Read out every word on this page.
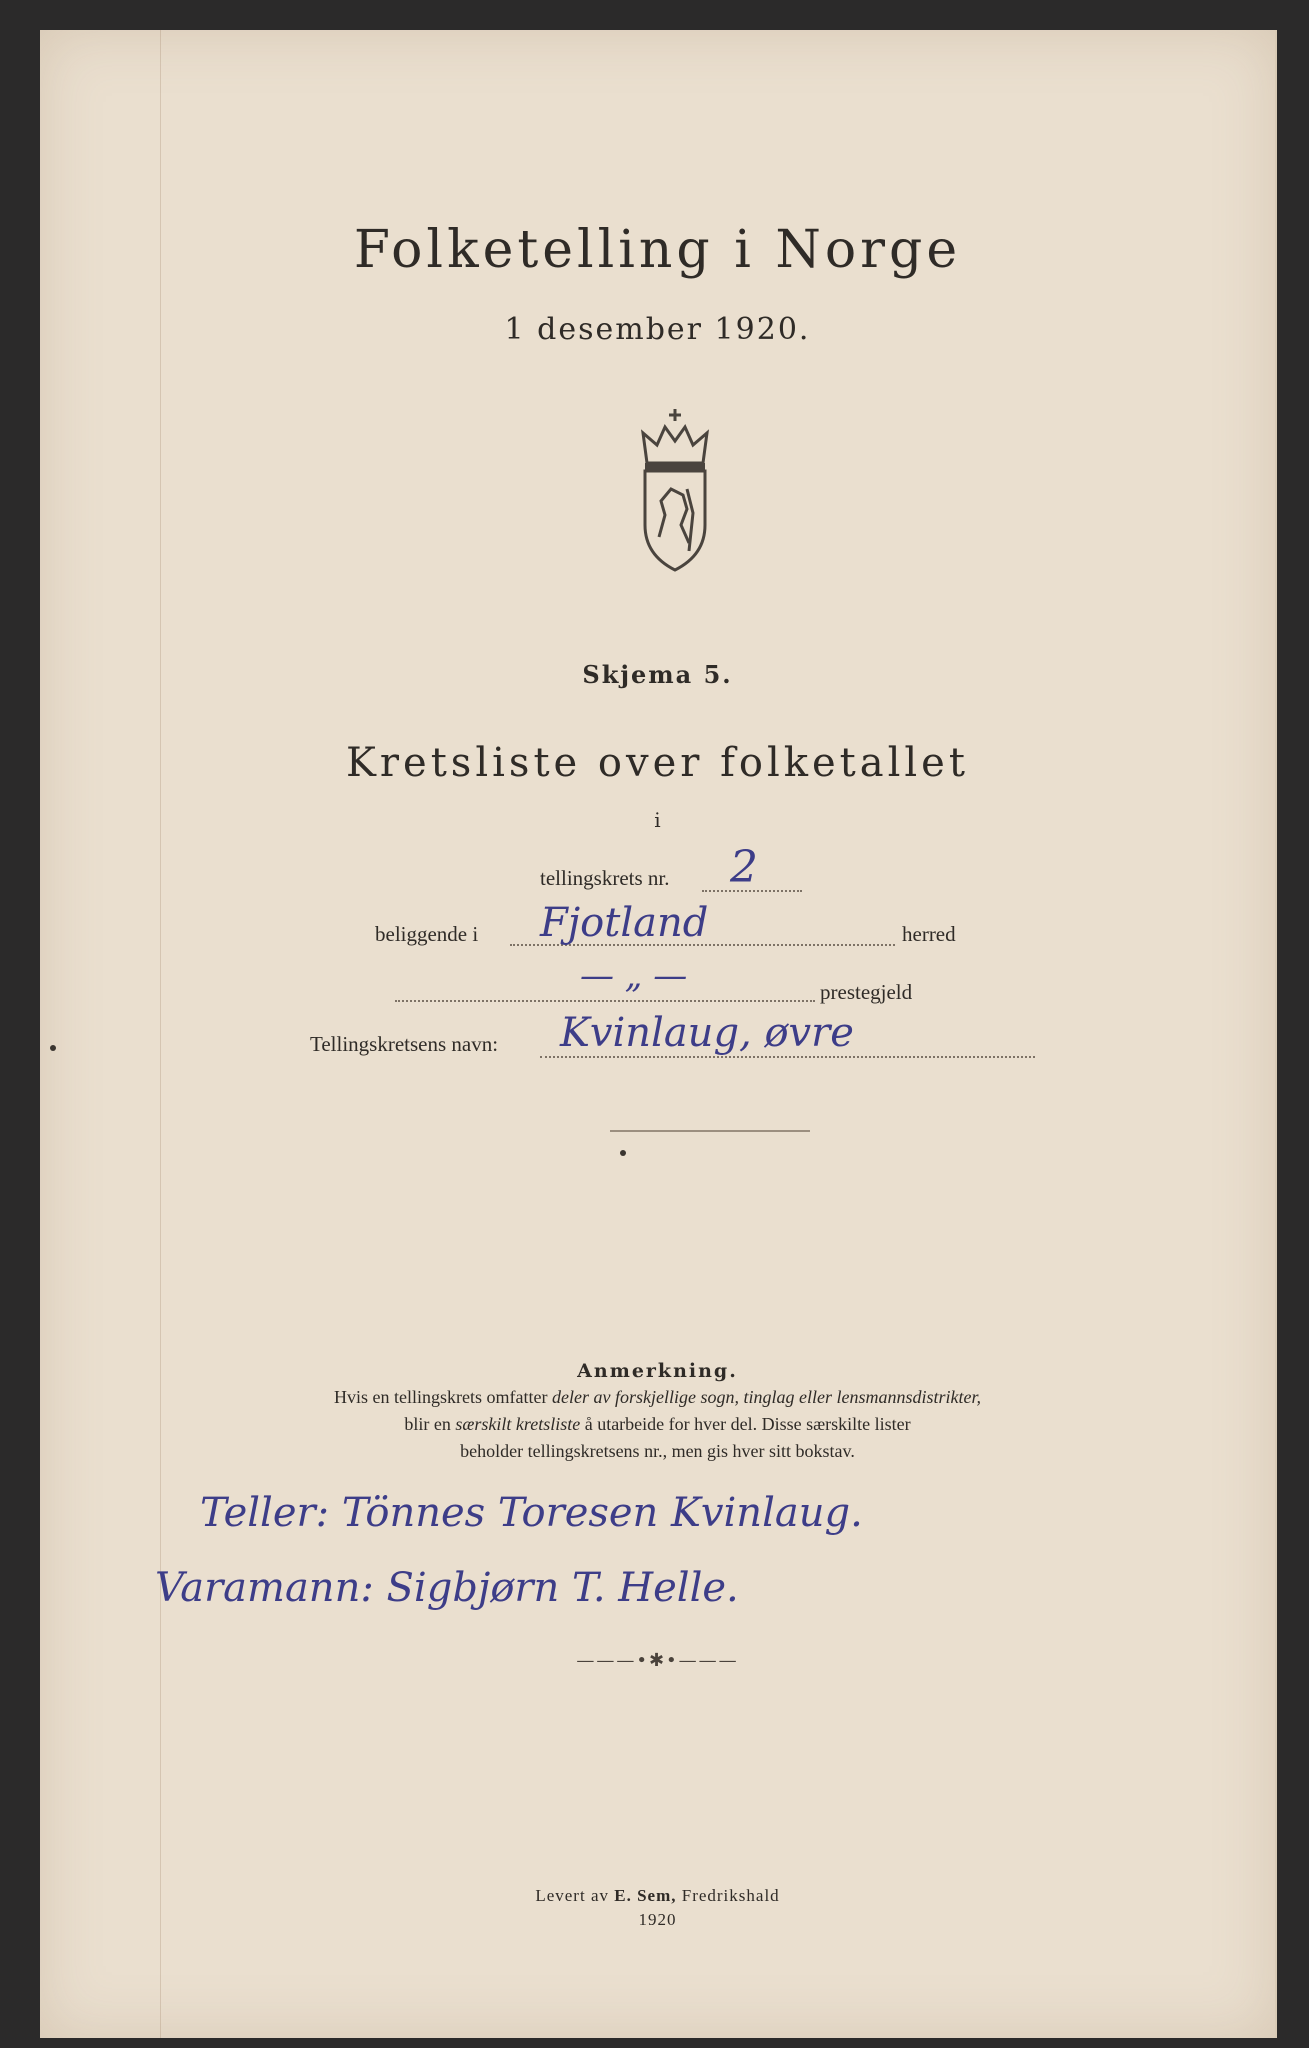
Folketelling i Norge
1 desember 1920.
Skjema 5.
Kretsliste over folketallet
i
tellingskrets nr. 2
beliggende i Fjotland	herred
— „ —	prestegjeld
Tellingskretsens navn: Kvinlaug, øvre
Anmerkning.
Hvis en tellingskrets omfatter deler av forskjellige sogn, tinglag eller lensmannsdistrikter,
blir en særskilt kretsliste å utarbeide for hver del. Disse særskilte lister
beholder tellingskretsens nr., men gis hver sitt bokstav.
Teller: Tönnes Toresen Kvinlaug.
Varamann: Sigbjørn T. Helle.
———•✱•———
Levert av E. Sem, Fredrikshald
1920
